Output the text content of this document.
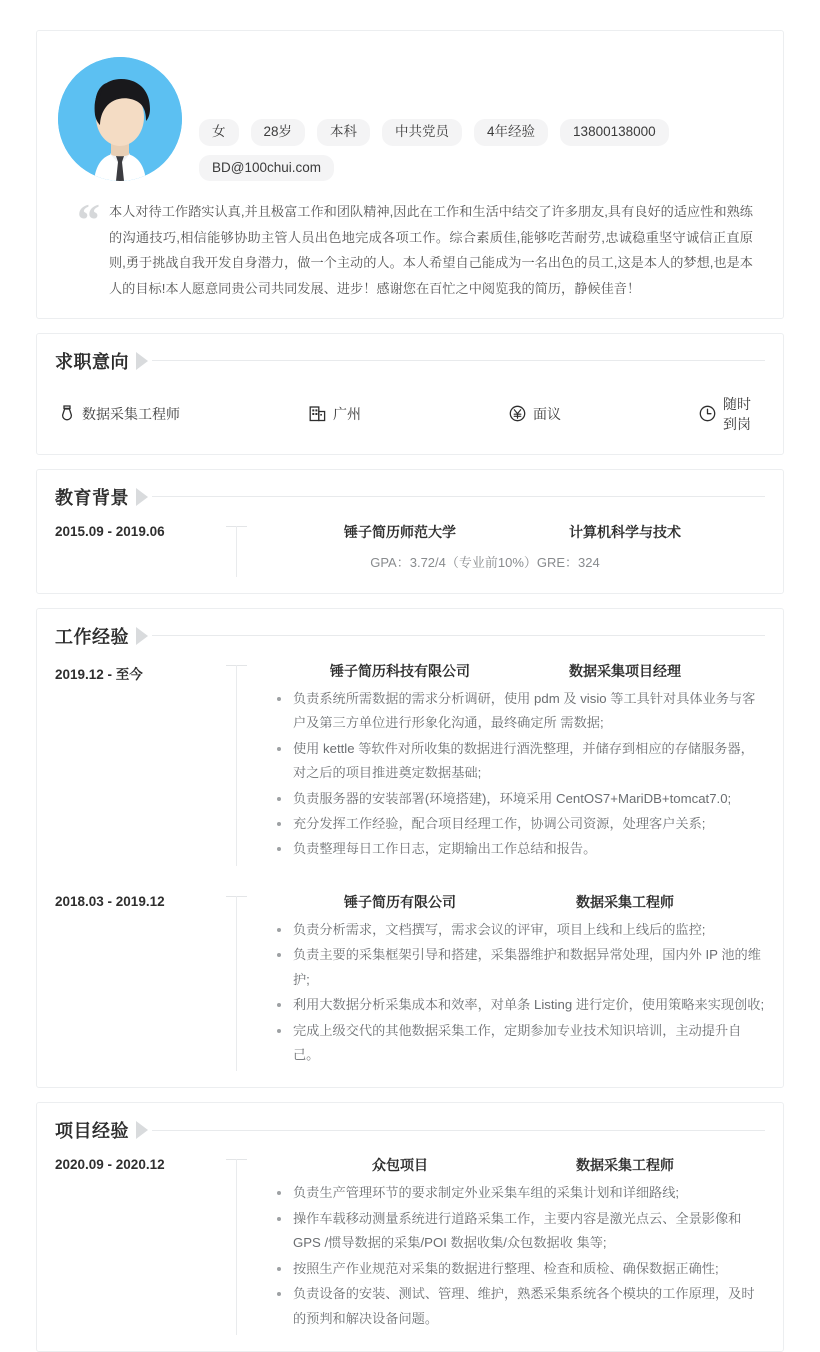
女	28岁	本科	中共党员	4年经验	13800138000
BD@100chui.com
“ 本人对待工作踏实认真,并且极富工作和团队精神,因此在工作和生活中结交了许多朋友,具有良好的适应性和熟练的沟通技巧,相信能够协助主管人员出色地完成各项工作。综合素质佳,能够吃苦耐劳,忠诚稳重坚守诚信正直原则,勇于挑战自我开发自身潜力，做一个主动的人。本人希望自己能成为一名出色的员工,这是本人的梦想,也是本人的目标!本人愿意同贵公司共同发展、进步！感谢您在百忙之中阅览我的简历，静候佳音！
求职意向
数据采集工程师	广州	面议
随时到岗
教育背景
2015.09 - 2019.06	锤子简历师范大学	计算机科学与技术
GPA：3.72/4（专业前10%）GRE：324
工作经验
2019.12 - 至今	锤子简历科技有限公司	数据采集项目经理
负责系统所需数据的需求分析调研，使用 pdm 及 visio 等工具针对具体业务与客户及第三方单位进行形象化沟通，最终确定所 需数据;
使用 kettle 等软件对所收集的数据进行酒洗整理，并储存到相应的存储服务器，对之后的项目推进奠定数据基础;
负责服务器的安装部署(环境搭建)，环境采用 CentOS7+MariDB+tomcat7.0;
充分发挥工作经验，配合项目经理工作，协调公司资源，处理客户关系;
负责整理每日工作日志，定期输出工作总结和报告。
2018.03 - 2019.12	锤子简历有限公司	数据采集工程师
负责分析需求，文档撰写，需求会议的评审，项目上线和上线后的监控;
负责主要的采集框架引导和搭建，采集器维护和数据异常处理，国内外 IP 池的维护;
利用大数据分析采集成本和效率，对单条 Listing 进行定价，使用策略来实现创收;
完成上级交代的其他数据采集工作，定期参加专业技术知识培训，主动提升自己。
项目经验
2020.09 - 2020.12	众包项目	数据采集工程师
负责生产管理环节的要求制定外业采集车组的采集计划和详细路线;
操作车载移动测量系统进行道路采集工作，主要内容是激光点云、全景影像和 GPS /惯导数据的采集/POI 数据收集/众包数据收 集等;
按照生产作业规范对采集的数据进行整理、检查和质检、确保数据正确性;
负责设备的安装、测试、管理、维护，熟悉采集系统各个模块的工作原理，及时的预判和解决设备问题。
